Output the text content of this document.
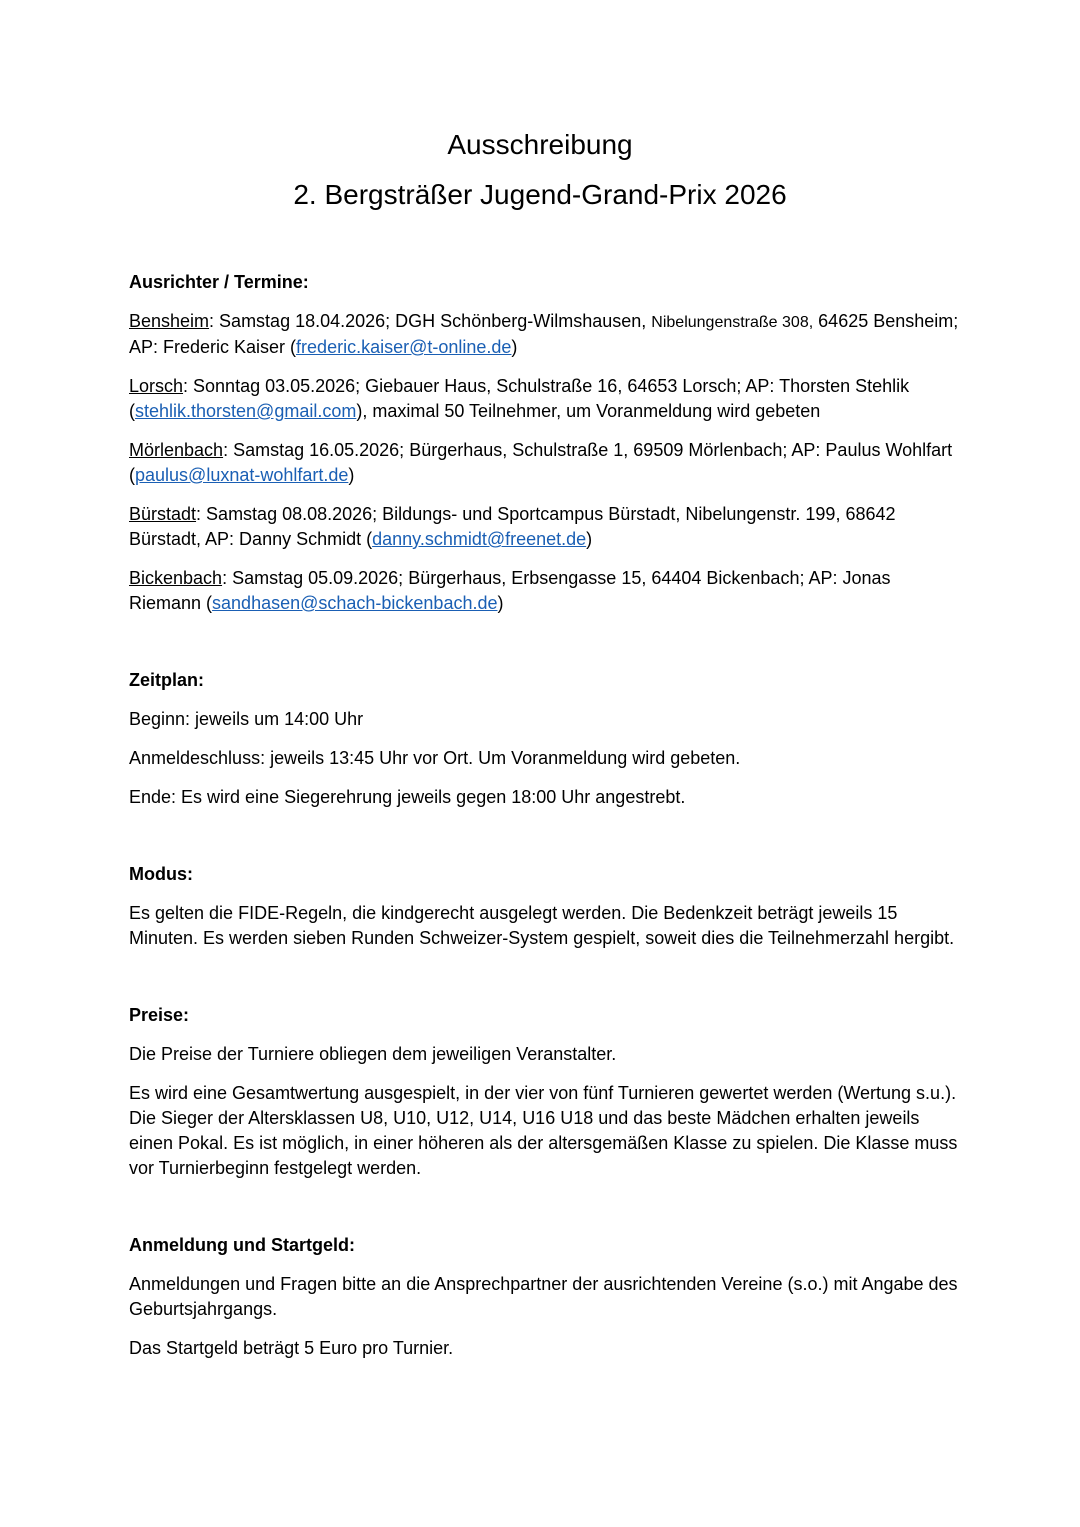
Ausschreibung
2. Bergsträßer Jugend-Grand-Prix 2026
Ausrichter / Termine:
Bensheim: Samstag 18.04.2026; DGH Schönberg-Wilmshausen, Nibelungenstraße 308, 64625 Bensheim; AP: Frederic Kaiser (frederic.kaiser@t-online.de)
Lorsch: Sonntag 03.05.2026; Giebauer Haus, Schulstraße 16, 64653 Lorsch; AP: Thorsten Stehlik (stehlik.thorsten@gmail.com), maximal 50 Teilnehmer, um Voranmeldung wird gebeten
Mörlenbach: Samstag 16.05.2026; Bürgerhaus, Schulstraße 1, 69509 Mörlenbach; AP: Paulus Wohlfart (paulus@luxnat-wohlfart.de)
Bürstadt: Samstag 08.08.2026; Bildungs- und Sportcampus Bürstadt, Nibelungenstr. 199, 68642 Bürstadt, AP: Danny Schmidt (danny.schmidt@freenet.de)
Bickenbach: Samstag 05.09.2026; Bürgerhaus, Erbsengasse 15, 64404 Bickenbach; AP: Jonas Riemann (sandhasen@schach-bickenbach.de)
Zeitplan:
Beginn: jeweils um 14:00 Uhr
Anmeldeschluss: jeweils 13:45 Uhr vor Ort. Um Voranmeldung wird gebeten.
Ende: Es wird eine Siegerehrung jeweils gegen 18:00 Uhr angestrebt.
Modus:
Es gelten die FIDE-Regeln, die kindgerecht ausgelegt werden. Die Bedenkzeit beträgt jeweils 15 Minuten. Es werden sieben Runden Schweizer-System gespielt, soweit dies die Teilnehmerzahl hergibt.
Preise:
Die Preise der Turniere obliegen dem jeweiligen Veranstalter.
Es wird eine Gesamtwertung ausgespielt, in der vier von fünf Turnieren gewertet werden (Wertung s.u.). Die Sieger der Altersklassen U8, U10, U12, U14, U16 U18 und das beste Mädchen erhalten jeweils einen Pokal. Es ist möglich, in einer höheren als der altersgemäßen Klasse zu spielen. Die Klasse muss vor Turnierbeginn festgelegt werden.
Anmeldung und Startgeld:
Anmeldungen und Fragen bitte an die Ansprechpartner der ausrichtenden Vereine (s.o.) mit Angabe des Geburtsjahrgangs.
Das Startgeld beträgt 5 Euro pro Turnier.
